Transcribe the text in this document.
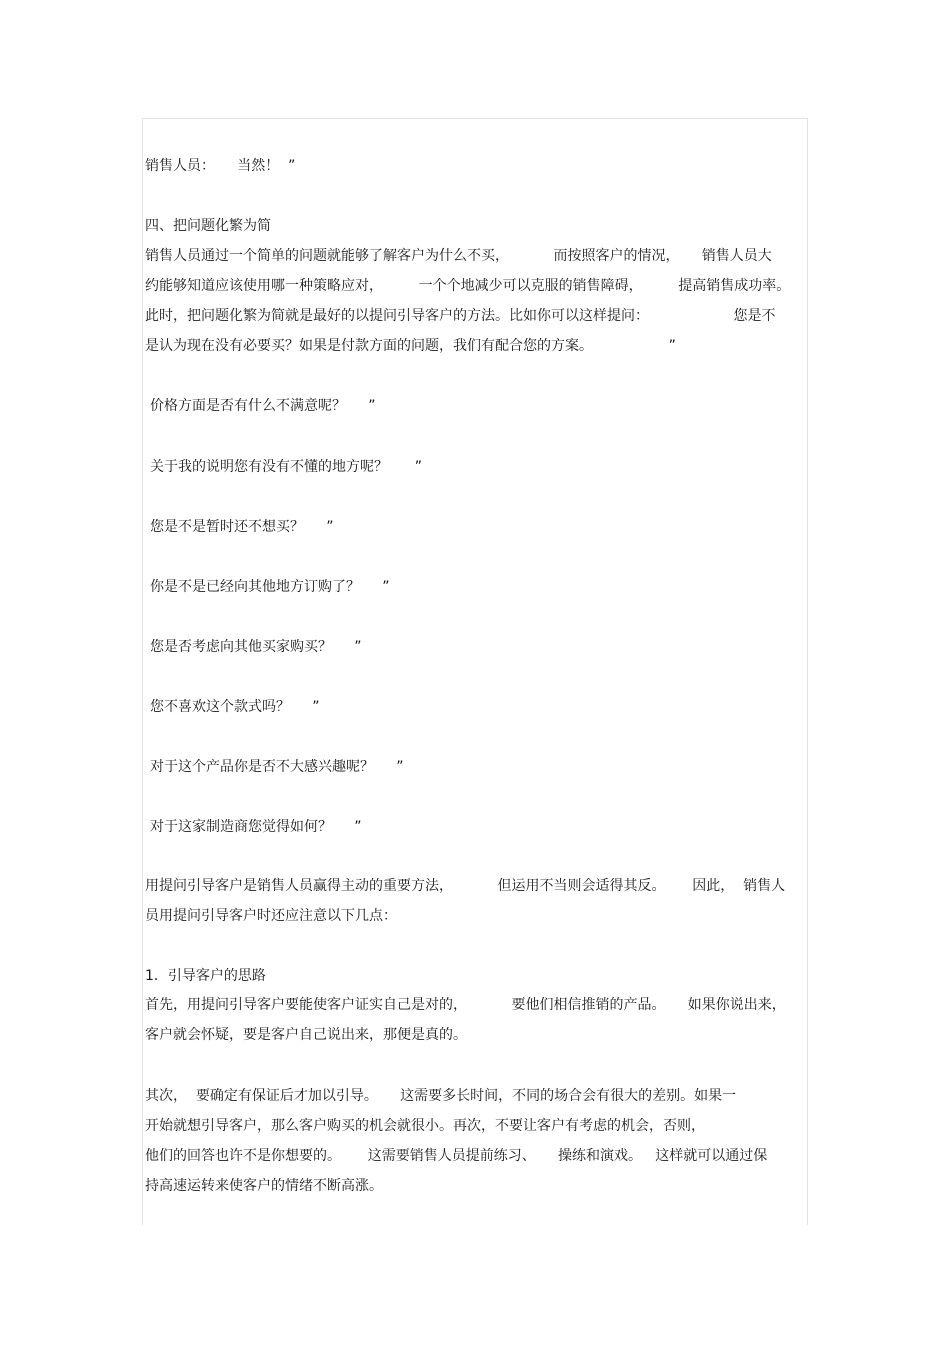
销售人员：     当然！  ”

四、把问题化繁为简

销售人员通过一个简单的问题就能够了解客户为什么不买，          而按照客户的情况，     销售人员大

约能够知道应该使用哪一种策略应对，        一个个地减少可以克服的销售障碍，        提高销售成功率。

此时，把问题化繁为简就是最好的以提问引导客户的方法。比如你可以这样提问：                   您是不

是认为现在没有必要买？如果是付款方面的问题，我们有配合您的方案。                 ”

价格方面是否有什么不满意呢？     ”

关于我的说明您有没有不懂的地方呢？      ”

您是不是暂时还不想买？     ”

你是不是已经向其他地方订购了？     ”

您是否考虑向其他买家购买？     ”

您不喜欢这个款式吗？     ”

对于这个产品你是否不大感兴趣呢？     ”

对于这家制造商您觉得如何？     ”

用提问引导客户是销售人员赢得主动的重要方法，          但运用不当则会适得其反。      因此，  销售人

员用提问引导客户时还应注意以下几点：

1．引导客户的思路

首先，用提问引导客户要能使客户证实自己是对的，          要他们相信推销的产品。     如果你说出来，

客户就会怀疑，要是客户自己说出来，那便是真的。

其次，  要确定有保证后才加以引导。     这需要多长时间，不同的场合会有很大的差别。如果一

开始就想引导客户，那么客户购买的机会就很小。再次，不要让客户有考虑的机会，否则，

他们的回答也许不是你想要的。      这需要销售人员提前练习、     操练和演戏。   这样就可以通过保

持高速运转来使客户的情绪不断高涨。
